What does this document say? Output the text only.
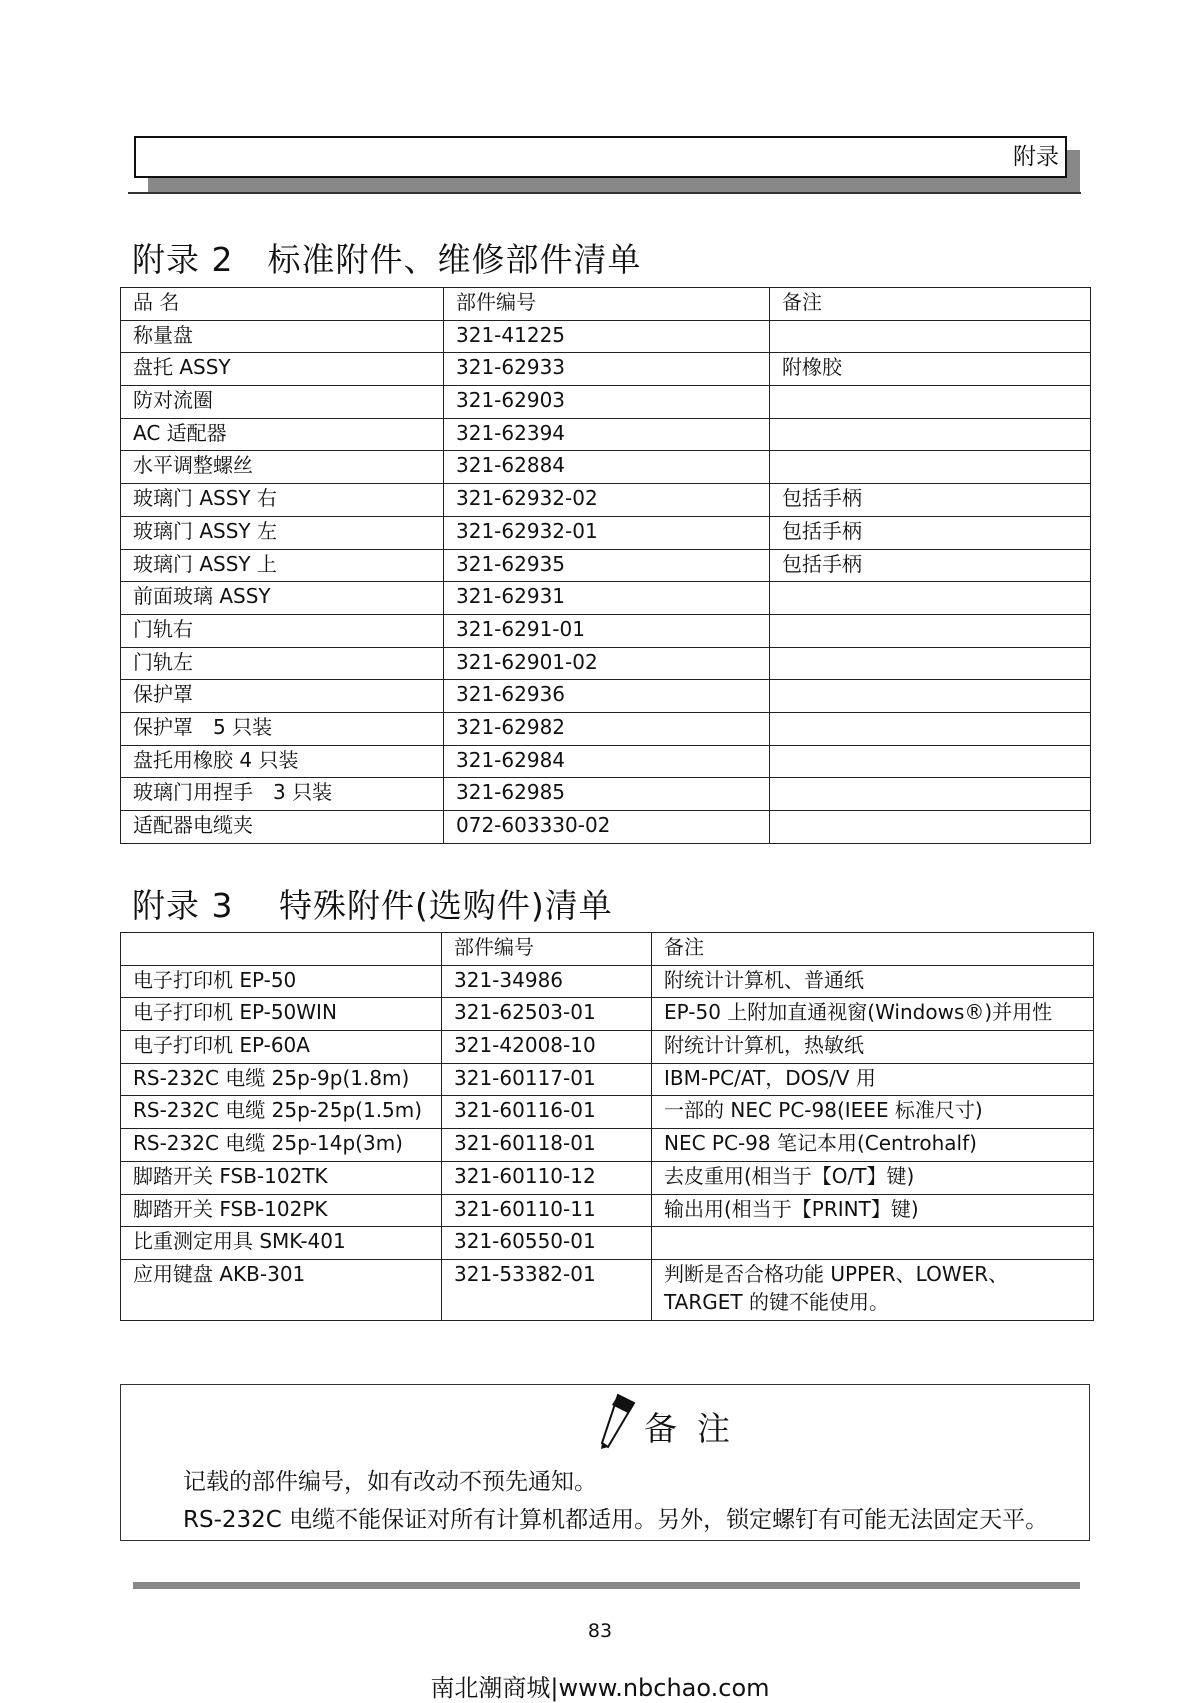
附录
附录 2　标准附件、维修部件清单
品 名	部件编号	备注
称量盘	321-41225	
盘托 ASSY	321-62933	附橡胶
防对流圈	321-62903	
AC 适配器	321-62394	
水平调整螺丝	321-62884	
玻璃门 ASSY 右	321-62932-02	包括手柄
玻璃门 ASSY 左	321-62932-01	包括手柄
玻璃门 ASSY 上	321-62935	包括手柄
前面玻璃 ASSY	321-62931	
门轨右	321-6291-01	
门轨左	321-62901-02	
保护罩	321-62936	
保护罩　5 只装	321-62982	
盘托用橡胶 4 只装	321-62984	
玻璃门用捏手　3 只装	321-62985	
适配器电缆夹	072-603330-02	
附录 3　 特殊附件(选购件)清单
	部件编号	备注
电子打印机 EP-50	321-34986	附统计计算机、普通纸
电子打印机 EP-50WIN	321-62503-01	EP-50 上附加直通视窗(Windows®)并用性
电子打印机 EP-60A	321-42008-10	附统计计算机，热敏纸
RS-232C 电缆 25p-9p(1.8m)	321-60117-01	IBM-PC/AT，DOS/V 用
RS-232C 电缆 25p-25p(1.5m)	321-60116-01	一部的 NEC PC-98(IEEE 标准尺寸)
RS-232C 电缆 25p-14p(3m)	321-60118-01	NEC PC-98 笔记本用(Centrohalf)
脚踏开关 FSB-102TK	321-60110-12	去皮重用(相当于【O/T】键)
脚踏开关 FSB-102PK	321-60110-11	输出用(相当于【PRINT】键)
比重测定用具 SMK-401	321-60550-01	
应用键盘 AKB-301	321-53382-01	判断是否合格功能 UPPER、LOWER、TARGET 的键不能使用。
备注

记载的部件编号，如有改动不预先通知。

RS-232C 电缆不能保证对所有计算机都适用。另外，锁定螺钉有可能无法固定天平。

83
南北潮商城|www.nbchao.com
